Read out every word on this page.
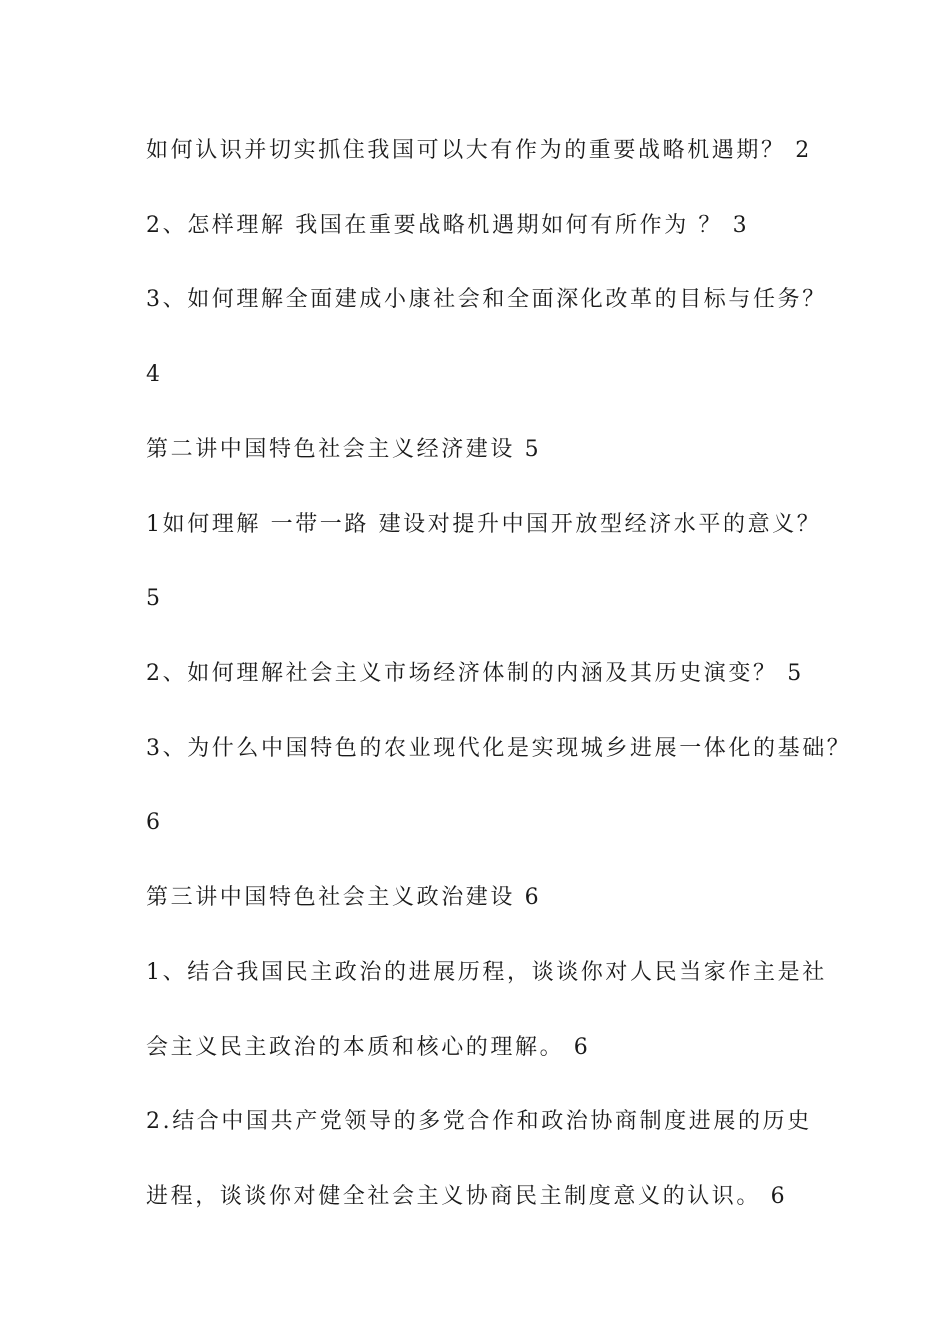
如何认识并切实抓住我国可以大有作为的重要战略机遇期？ 2
2、怎样理解 我国在重要战略机遇期如何有所作为 ？ 3
3、如何理解全面建成小康社会和全面深化改革的目标与任务？
4
第二讲中国特色社会主义经济建设 5
1如何理解 一带一路 建设对提升中国开放型经济水平的意义？
5
2、如何理解社会主义市场经济体制的内涵及其历史演变？ 5
3、为什么中国特色的农业现代化是实现城乡进展一体化的基础？
6
第三讲中国特色社会主义政治建设 6
1、结合我国民主政治的进展历程，谈谈你对人民当家作主是社
会主义民主政治的本质和核心的理解。 6
2.结合中国共产党领导的多党合作和政治协商制度进展的历史
进程，谈谈你对健全社会主义协商民主制度意义的认识。 6
